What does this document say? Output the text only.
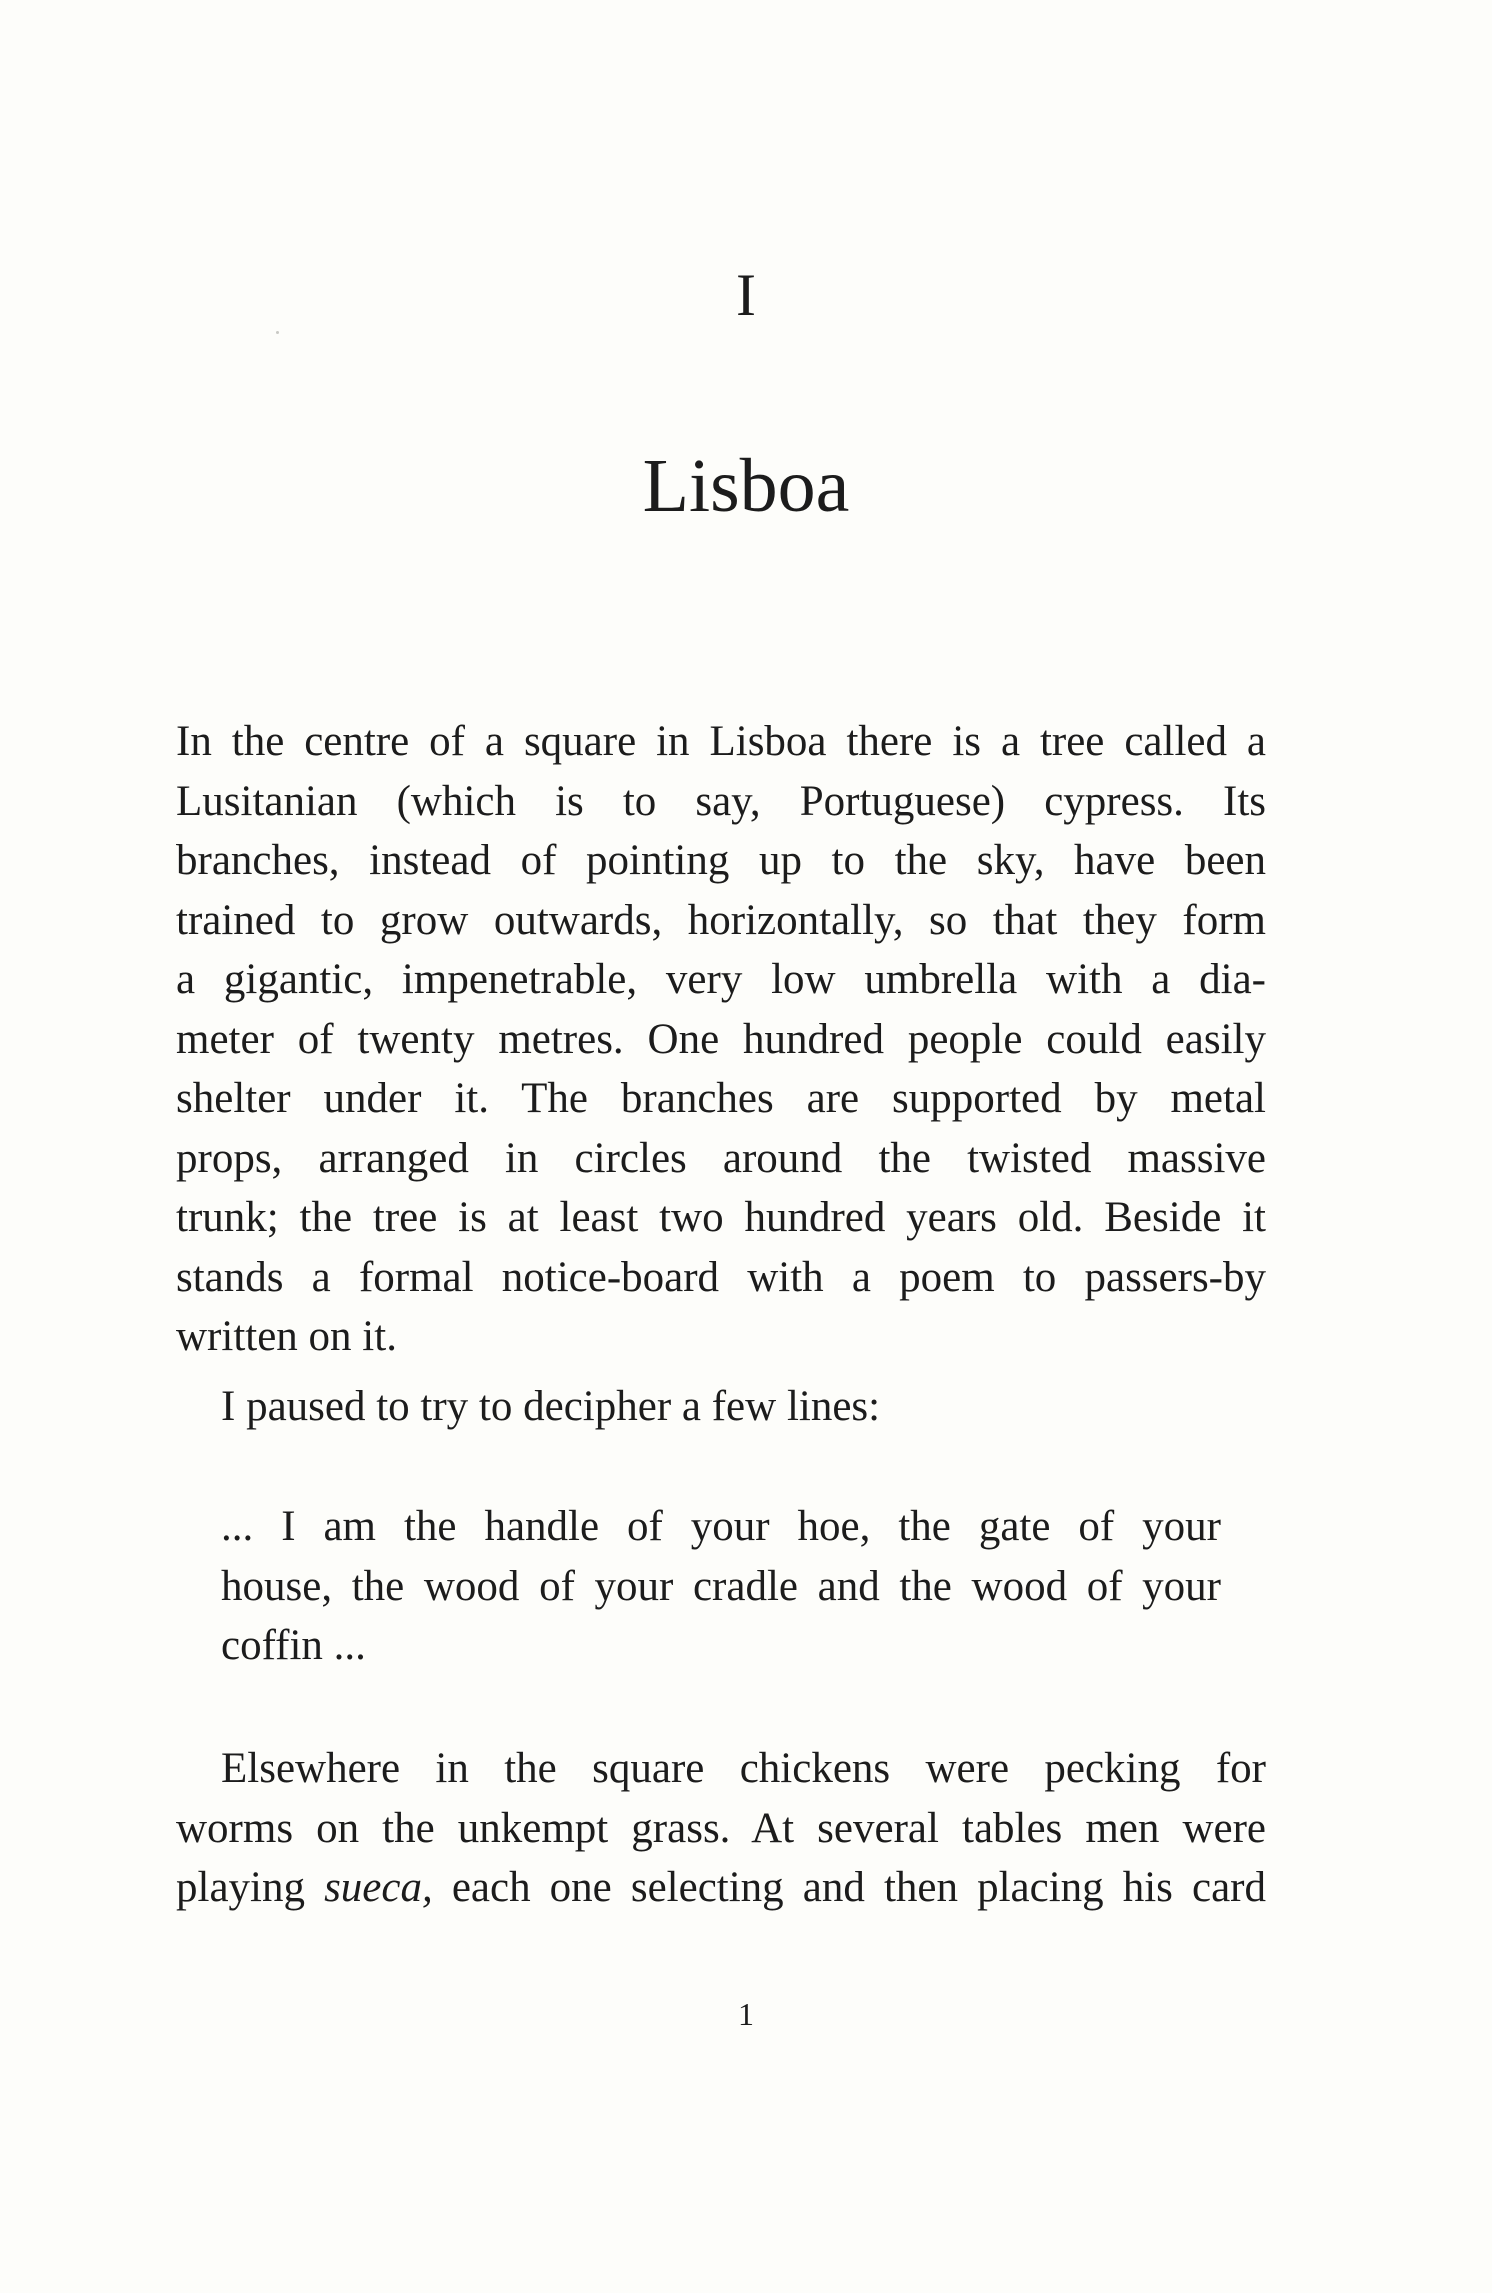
I
Lisboa
In the centre of a square in Lisboa there is a tree called a
Lusitanian (which is to say, Portuguese) cypress. Its
branches, instead of pointing up to the sky, have been
trained to grow outwards, horizontally, so that they form
a gigantic, impenetrable, very low umbrella with a dia-
meter of twenty metres. One hundred people could easily
shelter under it. The branches are supported by metal
props, arranged in circles around the twisted massive
trunk; the tree is at least two hundred years old. Beside it
stands a formal notice-board with a poem to passers-by
written on it.
I paused to try to decipher a few lines:
... I am the handle of your hoe, the gate of your
house, the wood of your cradle and the wood of your
coffin ...
Elsewhere in the square chickens were pecking for
worms on the unkempt grass. At several tables men were
playing sueca, each one selecting and then placing his card
1
